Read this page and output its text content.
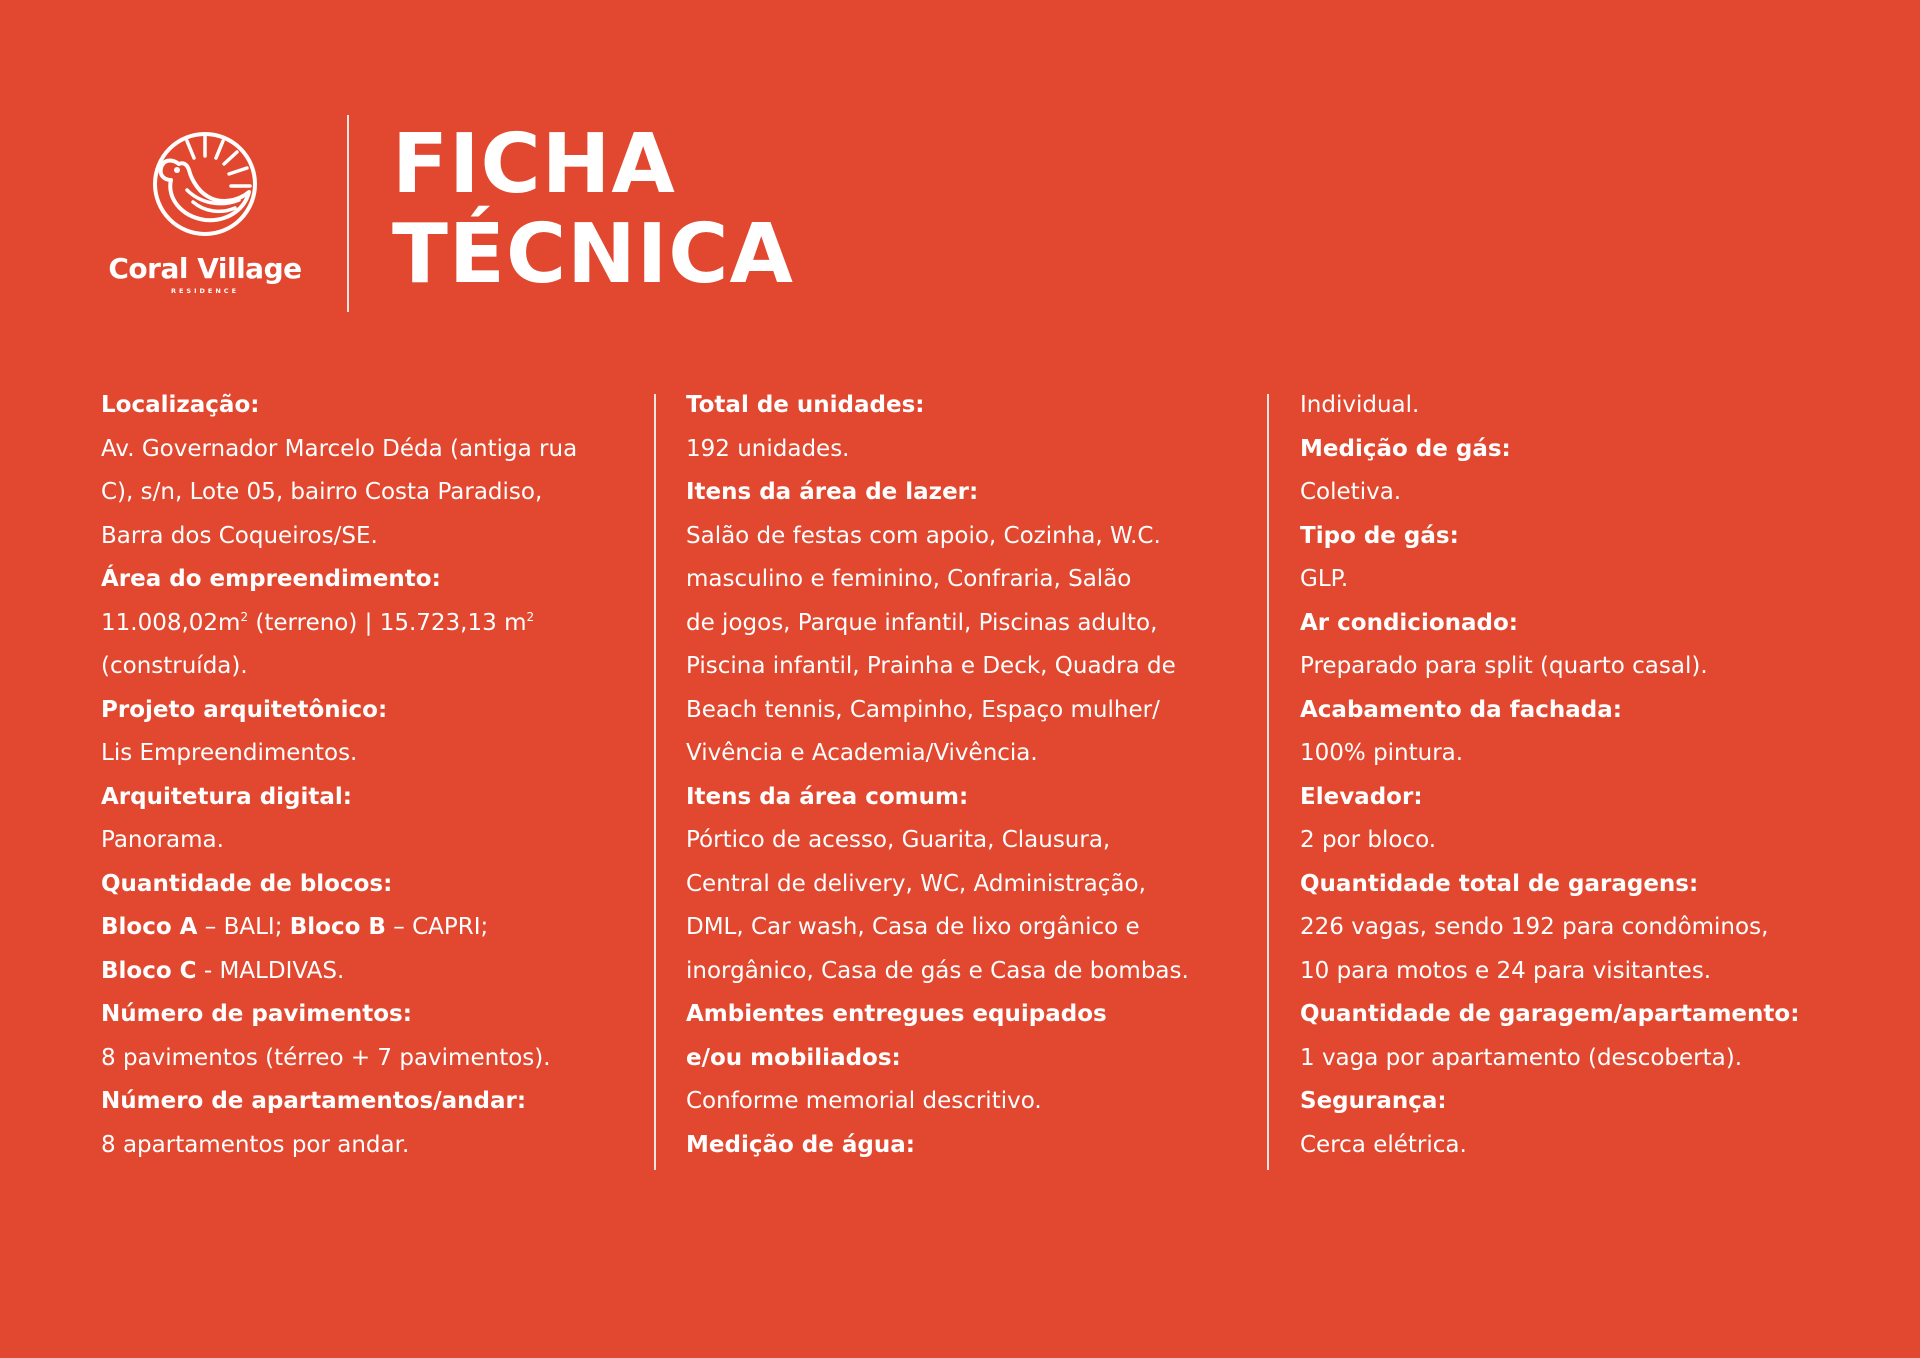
Coral Village
RESIDENCE
FICHA
TÉCNICA
Localização:
Av. Governador Marcelo Déda (antiga rua
C), s/n, Lote 05, bairro Costa Paradiso,
Barra dos Coqueiros/SE.
Área do empreendimento:
$11.008,02m^2$ (terreno) | 15.723,13 $m^2$
(construída).
Projeto arquitetônico:
Lis Empreendimentos.
Arquitetura digital:
Panorama.
Quantidade de blocos:
Bloco A – BALI; Bloco B – CAPRI;
Bloco C - MALDIVAS.
Número de pavimentos:
8 pavimentos (térreo + 7 pavimentos).
Número de apartamentos/andar:
8 apartamentos por andar.
Total de unidades:
192 unidades.
Itens da área de lazer:
Salão de festas com apoio, Cozinha, W.C.
masculino e feminino, Confraria, Salão
de jogos, Parque infantil, Piscinas adulto,
Piscina infantil, Prainha e Deck, Quadra de
Beach tennis, Campinho, Espaço mulher/
Vivência e Academia/Vivência.
Itens da área comum:
Pórtico de acesso, Guarita, Clausura,
Central de delivery, WC, Administração,
DML, Car wash, Casa de lixo orgânico e
inorgânico, Casa de gás e Casa de bombas.
Ambientes entregues equipados
e/ou mobiliados:
Conforme memorial descritivo.
Medição de água:
Individual.
Medição de gás:
Coletiva.
Tipo de gás:
GLP.
Ar condicionado:
Preparado para split (quarto casal).
Acabamento da fachada:
100% pintura.
Elevador:
2 por bloco.
Quantidade total de garagens:
226 vagas, sendo 192 para condôminos,
10 para motos e 24 para visitantes.
Quantidade de garagem/apartamento:
1 vaga por apartamento (descoberta).
Segurança:
Cerca elétrica.
